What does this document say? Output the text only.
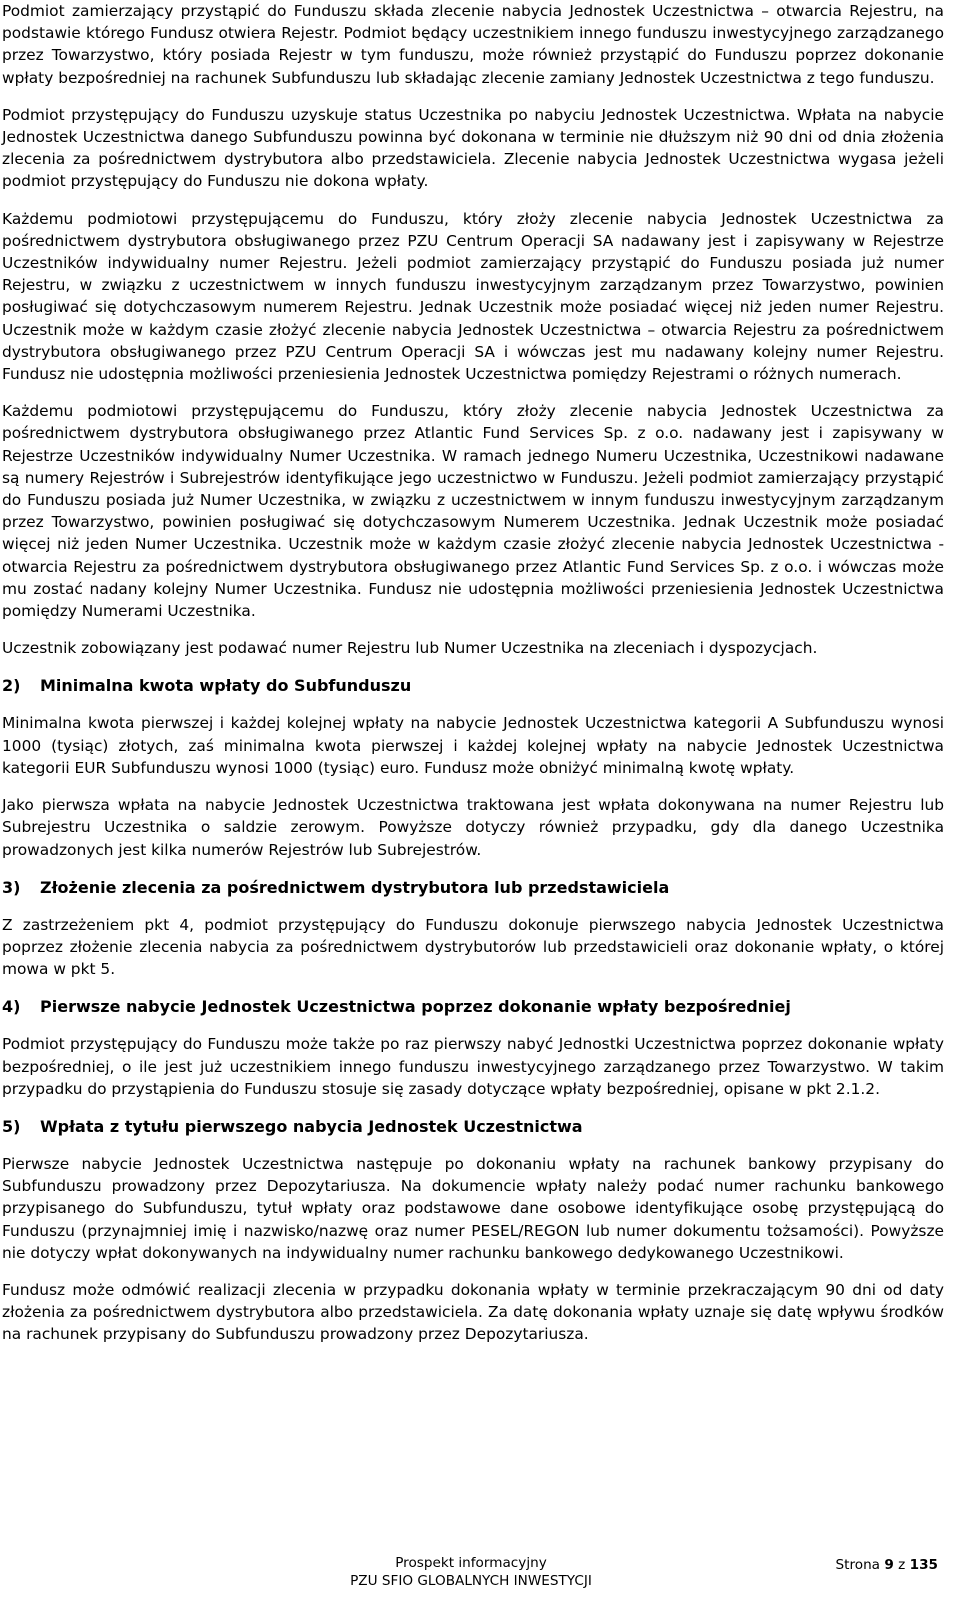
Podmiot zamierzający przystąpić do Funduszu składa zlecenie nabycia Jednostek Uczestnictwa – otwarcia Rejestru, na podstawie którego Fundusz otwiera Rejestr. Podmiot będący uczestnikiem innego funduszu inwestycyjnego zarządzanego przez Towarzystwo, który posiada Rejestr w tym funduszu, może również przystąpić do Funduszu poprzez dokonanie wpłaty bezpośredniej na rachunek Subfunduszu lub składając zlecenie zamiany Jednostek Uczestnictwa z tego funduszu.

Podmiot przystępujący do Funduszu uzyskuje status Uczestnika po nabyciu Jednostek Uczestnictwa. Wpłata na nabycie Jednostek Uczestnictwa danego Subfunduszu powinna być dokonana w terminie nie dłuższym niż 90 dni od dnia złożenia zlecenia za pośrednictwem dystrybutora albo przedstawiciela. Zlecenie nabycia Jednostek Uczestnictwa wygasa jeżeli podmiot przystępujący do Funduszu nie dokona wpłaty.

Każdemu podmiotowi przystępującemu do Funduszu, który złoży zlecenie nabycia Jednostek Uczestnictwa za pośrednictwem dystrybutora obsługiwanego przez PZU Centrum Operacji SA nadawany jest i zapisywany w Rejestrze Uczestników indywidualny numer Rejestru. Jeżeli podmiot zamierzający przystąpić do Funduszu posiada już numer Rejestru, w związku z uczestnictwem w innych funduszu inwestycyjnym zarządzanym przez Towarzystwo, powinien posługiwać się dotychczasowym numerem Rejestru. Jednak Uczestnik może posiadać więcej niż jeden numer Rejestru. Uczestnik może w każdym czasie złożyć zlecenie nabycia Jednostek Uczestnictwa – otwarcia Rejestru za pośrednictwem dystrybutora obsługiwanego przez PZU Centrum Operacji SA i wówczas jest mu nadawany kolejny numer Rejestru. Fundusz nie udostępnia możliwości przeniesienia Jednostek Uczestnictwa pomiędzy Rejestrami o różnych numerach.

Każdemu podmiotowi przystępującemu do Funduszu, który złoży zlecenie nabycia Jednostek Uczestnictwa za pośrednictwem dystrybutora obsługiwanego przez Atlantic Fund Services Sp. z o.o. nadawany jest i zapisywany w Rejestrze Uczestników indywidualny Numer Uczestnika. W ramach jednego Numeru Uczestnika, Uczestnikowi nadawane są numery Rejestrów i Subrejestrów identyfikujące jego uczestnictwo w Funduszu. Jeżeli podmiot zamierzający przystąpić do Funduszu posiada już Numer Uczestnika, w związku z uczestnictwem w innym funduszu inwestycyjnym zarządzanym przez Towarzystwo, powinien posługiwać się dotychczasowym Numerem Uczestnika. Jednak Uczestnik może posiadać więcej niż jeden Numer Uczestnika. Uczestnik może w każdym czasie złożyć zlecenie nabycia Jednostek Uczestnictwa - otwarcia Rejestru za pośrednictwem dystrybutora obsługiwanego przez Atlantic Fund Services Sp. z o.o. i wówczas może mu zostać nadany kolejny Numer Uczestnika. Fundusz nie udostępnia możliwości przeniesienia Jednostek Uczestnictwa pomiędzy Numerami Uczestnika.

Uczestnik zobowiązany jest podawać numer Rejestru lub Numer Uczestnika na zleceniach i dyspozycjach.

2)	Minimalna kwota wpłaty do Subfunduszu

Minimalna kwota pierwszej i każdej kolejnej wpłaty na nabycie Jednostek Uczestnictwa kategorii A Subfunduszu wynosi 1000 (tysiąc) złotych, zaś minimalna kwota pierwszej i każdej kolejnej wpłaty na nabycie Jednostek Uczestnictwa kategorii EUR Subfunduszu wynosi 1000 (tysiąc) euro. Fundusz może obniżyć minimalną kwotę wpłaty.

Jako pierwsza wpłata na nabycie Jednostek Uczestnictwa traktowana jest wpłata dokonywana na numer Rejestru lub Subrejestru Uczestnika o saldzie zerowym. Powyższe dotyczy również przypadku, gdy dla danego Uczestnika prowadzonych jest kilka numerów Rejestrów lub Subrejestrów.

3)	Złożenie zlecenia za pośrednictwem dystrybutora lub przedstawiciela

Z zastrzeżeniem pkt 4, podmiot przystępujący do Funduszu dokonuje pierwszego nabycia Jednostek Uczestnictwa poprzez złożenie zlecenia nabycia za pośrednictwem dystrybutorów lub przedstawicieli oraz dokonanie wpłaty, o której mowa w pkt 5.

4)	Pierwsze nabycie Jednostek Uczestnictwa poprzez dokonanie wpłaty bezpośredniej

Podmiot przystępujący do Funduszu może także po raz pierwszy nabyć Jednostki Uczestnictwa poprzez dokonanie wpłaty bezpośredniej, o ile jest już uczestnikiem innego funduszu inwestycyjnego zarządzanego przez Towarzystwo. W takim przypadku do przystąpienia do Funduszu stosuje się zasady dotyczące wpłaty bezpośredniej, opisane w pkt 2.1.2.

5)	Wpłata z tytułu pierwszego nabycia Jednostek Uczestnictwa

Pierwsze nabycie Jednostek Uczestnictwa następuje po dokonaniu wpłaty na rachunek bankowy przypisany do Subfunduszu prowadzony przez Depozytariusza. Na dokumencie wpłaty należy podać numer rachunku bankowego przypisanego do Subfunduszu, tytuł wpłaty oraz podstawowe dane osobowe identyfikujące osobę przystępującą do Funduszu (przynajmniej imię i nazwisko/nazwę oraz numer PESEL/REGON lub numer dokumentu tożsamości). Powyższe nie dotyczy wpłat dokonywanych na indywidualny numer rachunku bankowego dedykowanego Uczestnikowi.

Fundusz może odmówić realizacji zlecenia w przypadku dokonania wpłaty w terminie przekraczającym 90 dni od daty złożenia za pośrednictwem dystrybutora albo przedstawiciela. Za datę dokonania wpłaty uznaje się datę wpływu środków na rachunek przypisany do Subfunduszu prowadzony przez Depozytariusza.

Prospekt informacyjny
PZU SFIO GLOBALNYCH INWESTYCJI
Strona 9 z 135
